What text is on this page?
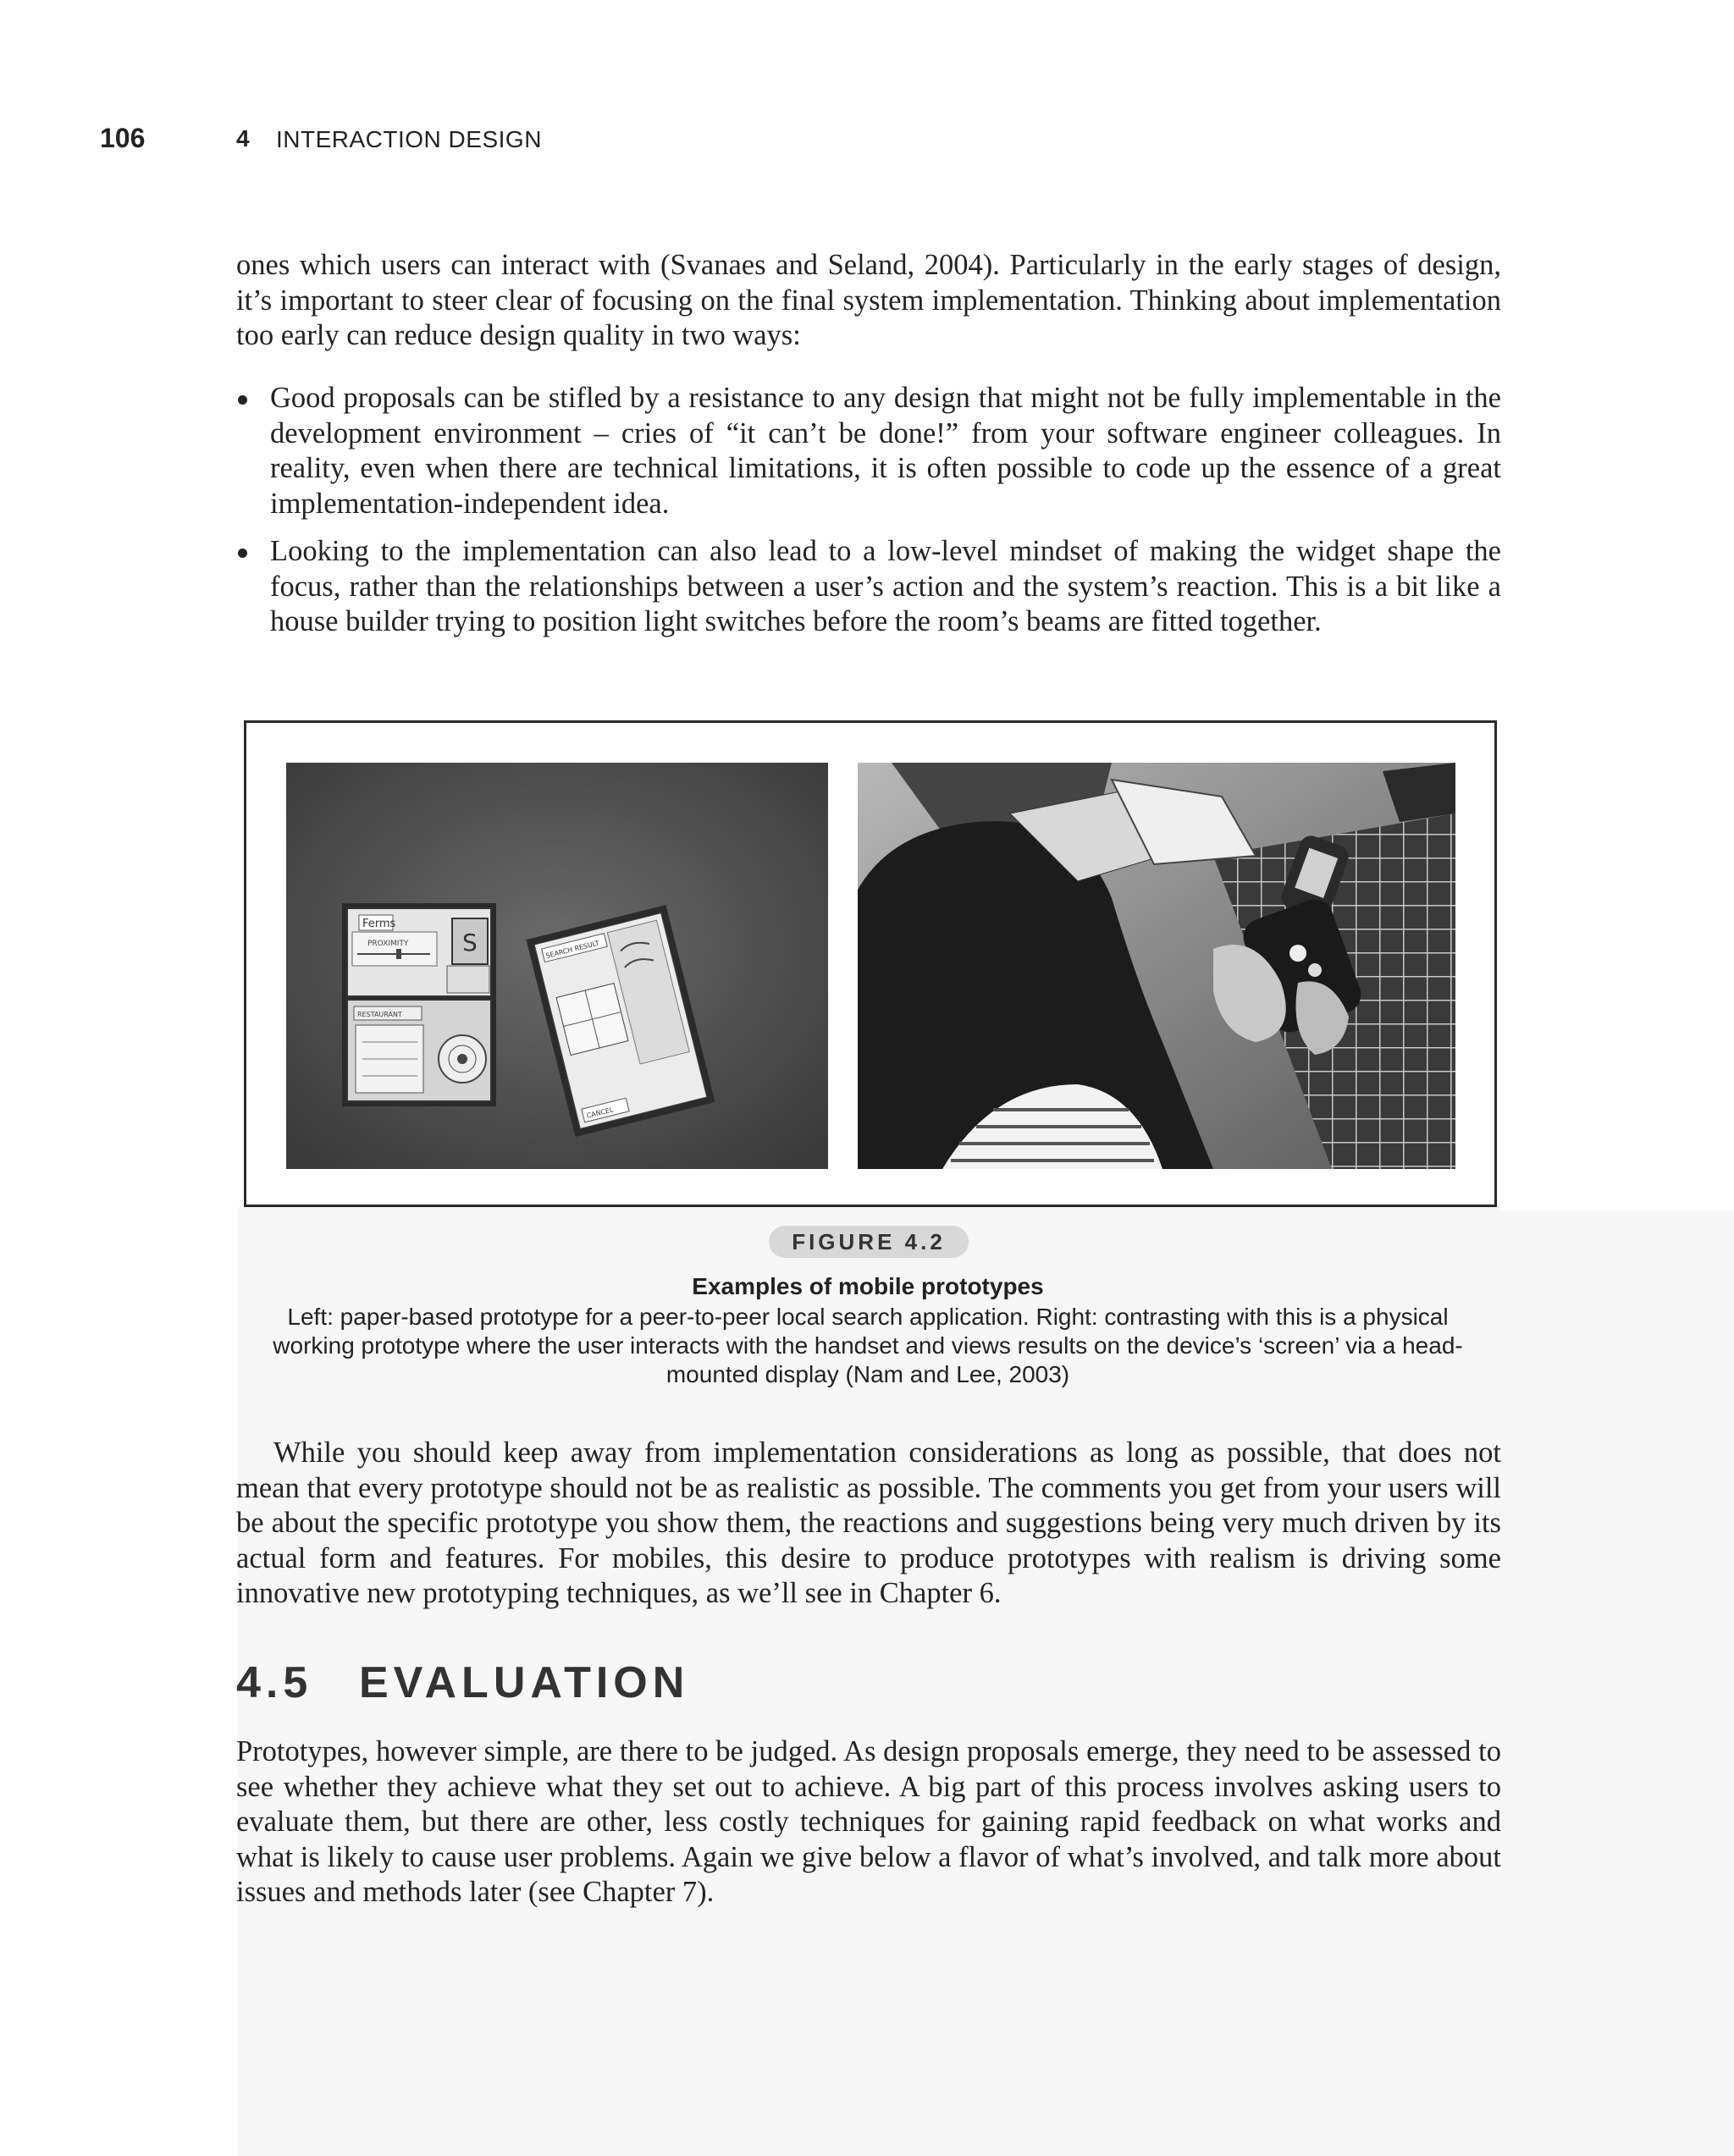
106	4 INTERACTION DESIGN

ones which users can interact with (Svanaes and Seland, 2004). Particularly in the early stages of design, it’s important to steer clear of focusing on the final system implementation. Thinking about implementation too early can reduce design quality in two ways:

Good proposals can be stifled by a resistance to any design that might not be fully implementable in the development environment – cries of “it can’t be done!” from your software engineer colleagues. In reality, even when there are technical limitations, it is often possible to code up the essence of a great implementation-independent idea.
Looking to the implementation can also lead to a low-level mindset of making the widget shape the focus, rather than the relationships between a user’s action and the system’s reaction. This is a bit like a house builder trying to position light switches before the room’s beams are fitted together.
Ferms
PROXIMITY S
RESTAURANT
SEARCH RESULT
CANCEL
FIGURE 4.2
Examples of mobile prototypes
Left: paper-based prototype for a peer-to-peer local search application. Right: contrasting with this is a physical working prototype where the user interacts with the handset and views results on the device’s ‘screen’ via a head-mounted display (Nam and Lee, 2003)

While you should keep away from implementation considerations as long as possible, that does not mean that every prototype should not be as realistic as possible. The comments you get from your users will be about the specific prototype you show them, the reactions and suggestions being very much driven by its actual form and features. For mobiles, this desire to produce prototypes with realism is driving some innovative new prototyping techniques, as we’ll see in Chapter 6.

4.5 EVALUATION

Prototypes, however simple, are there to be judged. As design proposals emerge, they need to be assessed to see whether they achieve what they set out to achieve. A big part of this process involves asking users to evaluate them, but there are other, less costly techniques for gaining rapid feedback on what works and what is likely to cause user problems. Again we give below a flavor of what’s involved, and talk more about issues and methods later (see Chapter 7).
